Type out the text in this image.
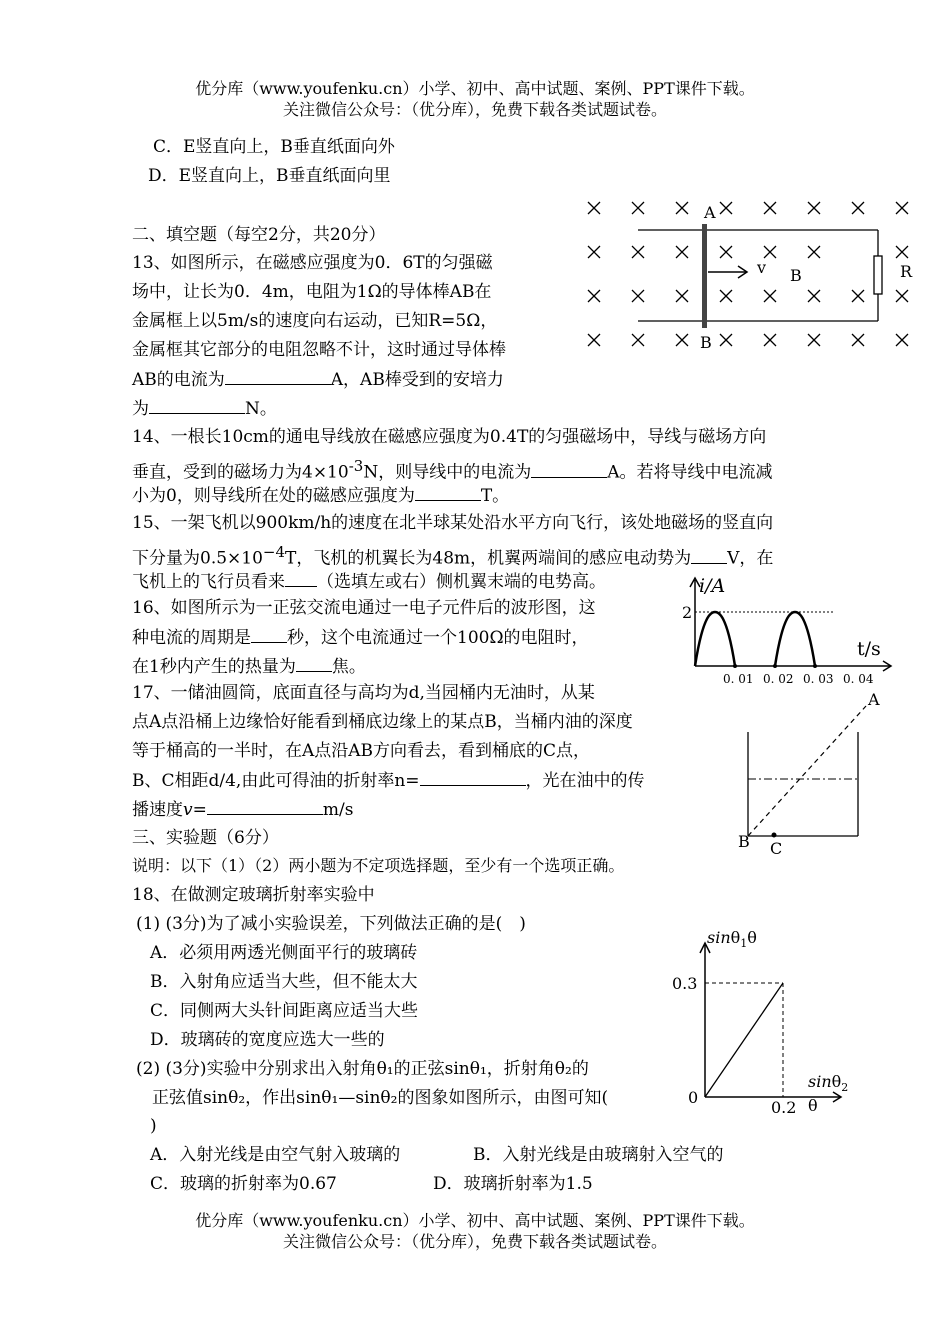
优分库（www.youfenku.cn）小学、初中、高中试题、案例、PPT课件下载。
关注微信公众号：（优分库），免费下载各类试题试卷。
C．E竖直向上，B垂直纸面向外
D．E竖直向上，B垂直纸面向里
二、填空题（每空2分，共20分）
13、如图所示，在磁感应强度为0．6T的匀强磁
场中，让长为0．4m，电阻为1Ω的导体棒AB在
金属框上以5m/s的速度向右运动，已知R=5Ω，
金属框其它部分的电阻忽略不计，这时通过导体棒
AB的电流为	A，AB棒受到的安培力
为	N。
A
B
v B	R
14、一根长10cm的通电导线放在磁感应强度为0.4T的匀强磁场中，导线与磁场方向
垂直，受到的磁场力为$4\times 10^{-3}N$，则导线中的电流为	A。若将导线中电流减
小为0，则导线所在处的磁感应强度为	T。
15、一架飞机以900km/h的速度在北半球某处沿水平方向飞行，该处地磁场的竖直向
下分量为$0.5\times 10^{-4}T$，飞机的机翼长为48m，机翼两端间的感应电动势为 V，在
飞机上的飞行员看来 （选填左或右）侧机翼末端的电势高。
16、如图所示为一正弦交流电通过一电子元件后的波形图，这
种电流的周期是 秒，这个电流通过一个100Ω的电阻时，
在1秒内产生的热量为 焦。
i/A
t/s
2
0. 01 0. 02 0. 03 0. 04
17、一储油圆筒，底面直径与高均为d,当园桶内无油时，从某
点A点沿桶上边缘恰好能看到桶底边缘上的某点B，当桶内油的深度
等于桶高的一半时，在A点沿AB方向看去，看到桶底的C点，
B、C相距d/4,由此可得油的折射率n=	，光在油中的传
播速度v=	m/s
A
B C
三、实验题（6分）
说明：以下（1）（2）两小题为不定项选择题，至少有一个选项正确。
18、在做测定玻璃折射率实验中
(1) (3分)为了减小实验误差，下列做法正确的是(　)
A．必须用两透光侧面平行的玻璃砖
B．入射角应适当大些，但不能太大
C．同侧两大头针间距离应适当大些
D．玻璃砖的宽度应选大一些的
(2) (3分)实验中分别求出入射角θ₁的正弦sinθ₁，折射角θ₂的
正弦值sinθ₂，作出sinθ₁—sinθ₂的图象如图所示，由图可知(
)
A．入射光线是由空气射入玻璃的	B．入射光线是由玻璃射入空气的
C．玻璃的折射率为0.67	D．玻璃折射率为1.5
sinθ$_1$θ
sinθ$_2$
θ
0
0.3
0.2
优分库（www.youfenku.cn）小学、初中、高中试题、案例、PPT课件下载。
关注微信公众号：（优分库），免费下载各类试题试卷。
